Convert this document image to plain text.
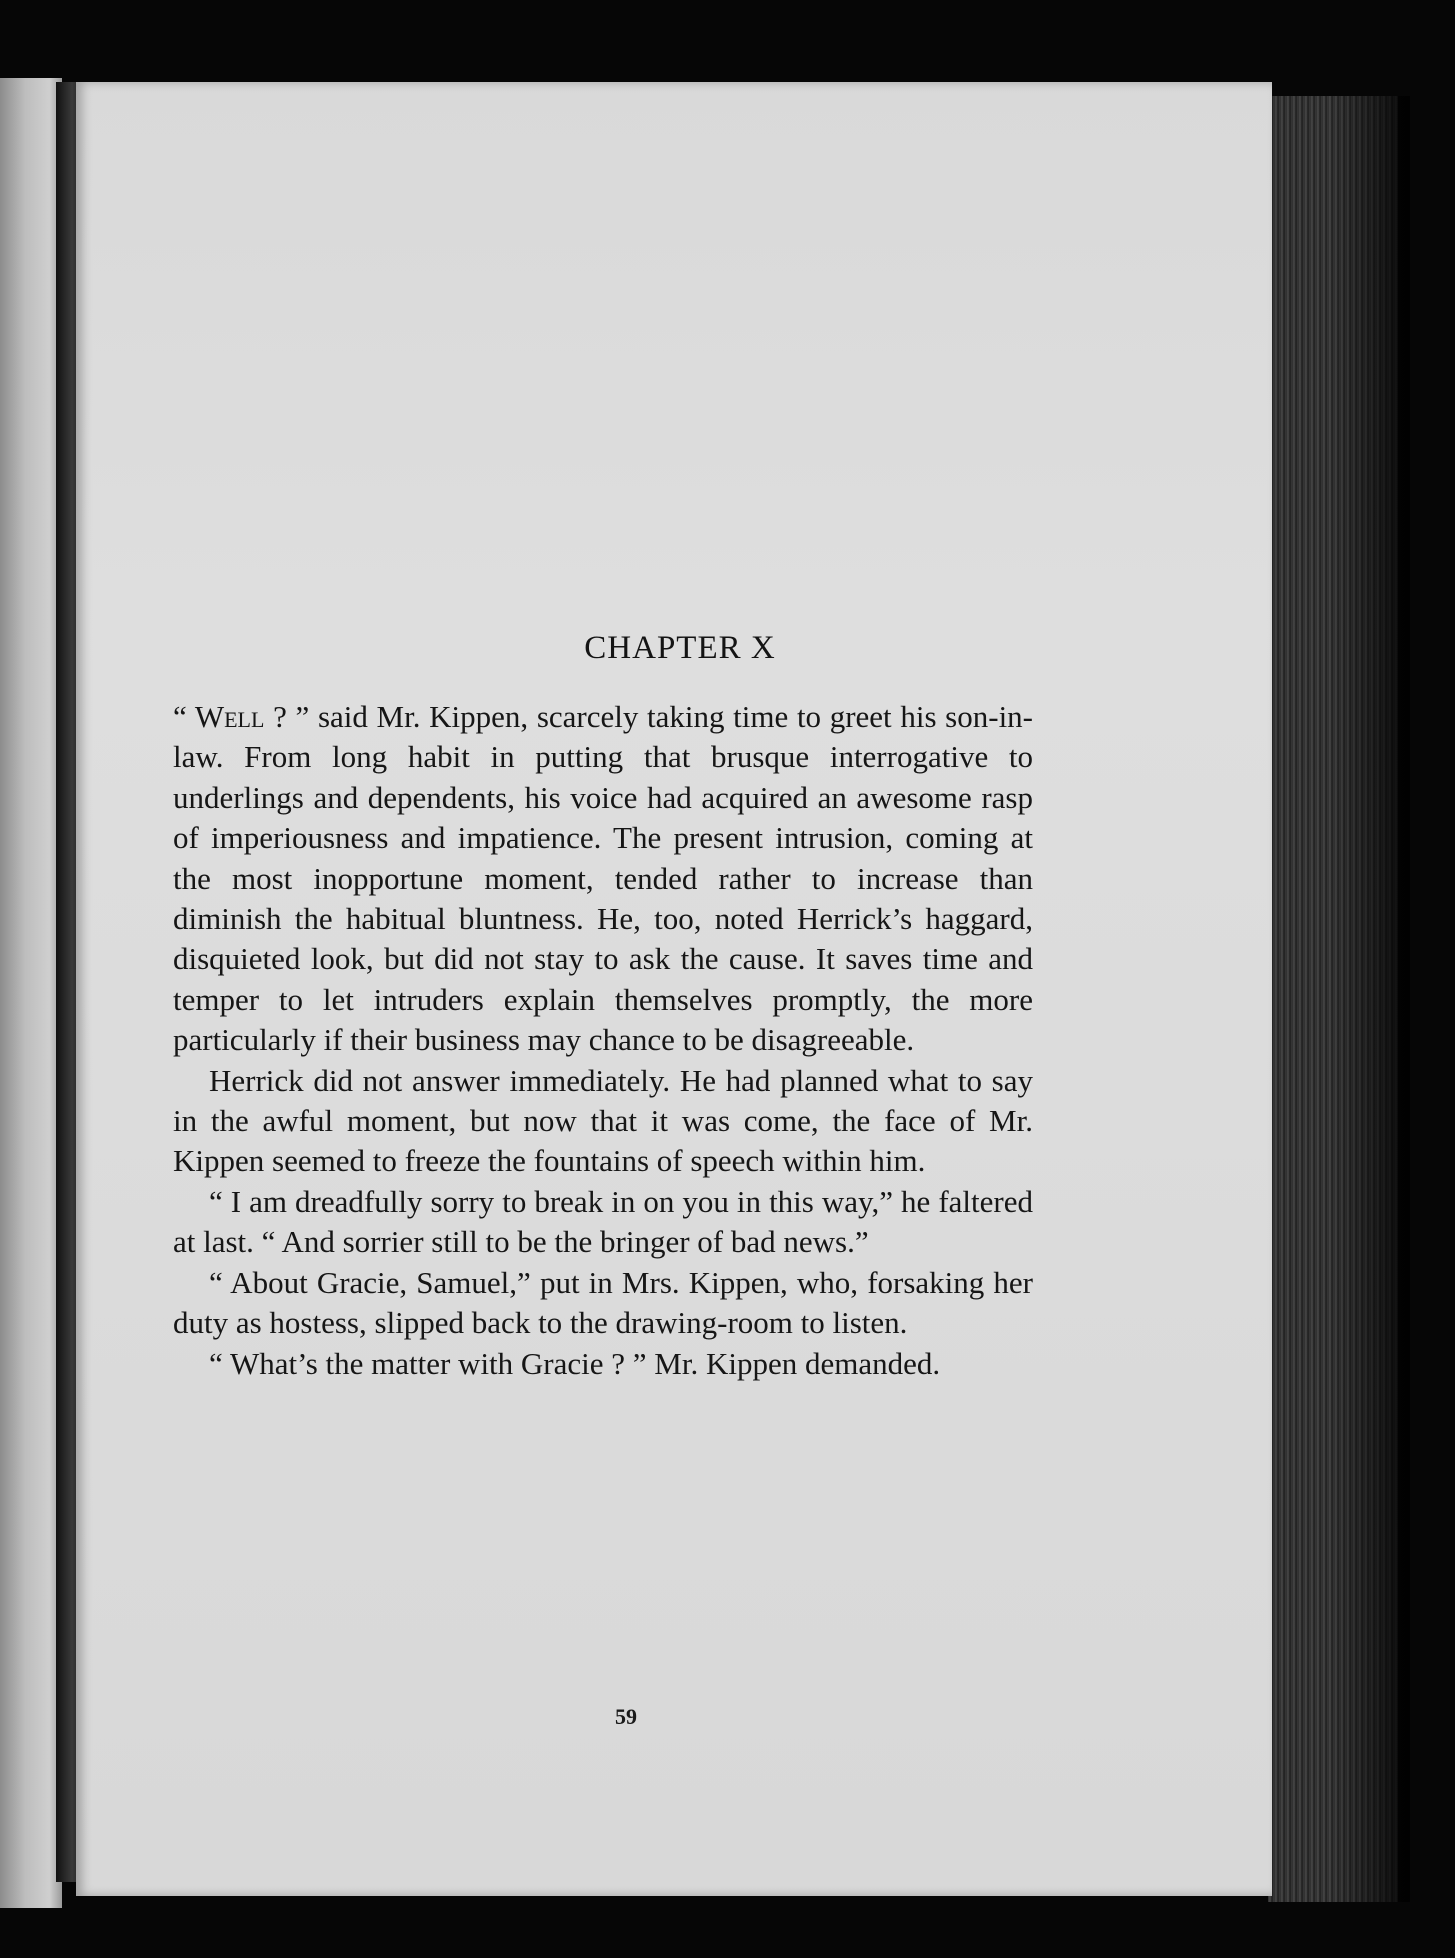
CHAPTER X

“ Well ? ” said Mr. Kippen, scarcely taking time to greet his son-in-law. From long habit in putting that brusque interrogative to underlings and dependents, his voice had acquired an awesome rasp of imperiousness and impatience. The present intrusion, coming at the most inopportune moment, tended rather to increase than diminish the habitual bluntness. He, too, noted Herrick’s haggard, disquieted look, but did not stay to ask the cause. It saves time and temper to let intruders explain themselves promptly, the more particularly if their business may chance to be disagreeable.

Herrick did not answer immediately. He had planned what to say in the awful moment, but now that it was come, the face of Mr. Kippen seemed to freeze the fountains of speech within him.

“ I am dreadfully sorry to break in on you in this way,” he faltered at last. “ And sorrier still to be the bringer of bad news.”

“ About Gracie, Samuel,” put in Mrs. Kippen, who, forsaking her duty as hostess, slipped back to the drawing-room to listen.

“ What’s the matter with Gracie ? ” Mr. Kippen demanded.

59
